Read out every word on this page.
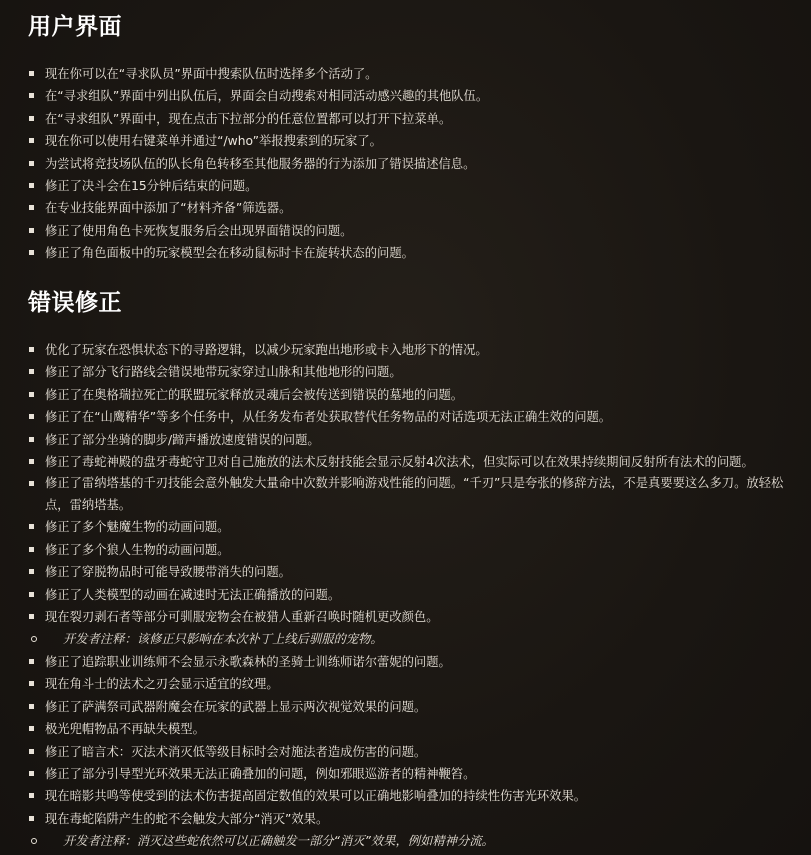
用户界面
现在你可以在“寻求队员”界面中搜索队伍时选择多个活动了。
在“寻求组队”界面中列出队伍后，界面会自动搜索对相同活动感兴趣的其他队伍。
在“寻求组队”界面中，现在点击下拉部分的任意位置都可以打开下拉菜单。
现在你可以使用右键菜单并通过“/who”举报搜索到的玩家了。
为尝试将竞技场队伍的队长角色转移至其他服务器的行为添加了错误描述信息。
修正了决斗会在15分钟后结束的问题。
在专业技能界面中添加了“材料齐备”筛选器。
修正了使用角色卡死恢复服务后会出现界面错误的问题。
修正了角色面板中的玩家模型会在移动鼠标时卡在旋转状态的问题。
错误修正
优化了玩家在恐惧状态下的寻路逻辑，以减少玩家跑出地形或卡入地形下的情况。
修正了部分飞行路线会错误地带玩家穿过山脉和其他地形的问题。
修正了在奥格瑞拉死亡的联盟玩家释放灵魂后会被传送到错误的墓地的问题。
修正了在“山鹰精华”等多个任务中，从任务发布者处获取替代任务物品的对话选项无法正确生效的问题。
修正了部分坐骑的脚步/蹄声播放速度错误的问题。
修正了毒蛇神殿的盘牙毒蛇守卫对自己施放的法术反射技能会显示反射4次法术，但实际可以在效果持续期间反射所有法术的问题。
修正了雷纳塔基的千刃技能会意外触发大量命中次数并影响游戏性能的问题。“千刃”只是夸张的修辞方法，不是真要要这么多刀。放轻松点，雷纳塔基。
修正了多个魅魔生物的动画问题。
修正了多个狼人生物的动画问题。
修正了穿脱物品时可能导致腰带消失的问题。
修正了人类模型的动画在减速时无法正确播放的问题。
现在裂刃剥石者等部分可驯服宠物会在被猎人重新召唤时随机更改颜色。
开发者注释：该修正只影响在本次补丁上线后驯服的宠物。
修正了追踪职业训练师不会显示永歌森林的圣骑士训练师诺尔蕾妮的问题。
现在角斗士的法术之刃会显示适宜的纹理。
修正了萨满祭司武器附魔会在玩家的武器上显示两次视觉效果的问题。
极光兜帽物品不再缺失模型。
修正了暗言术：灭法术消灭低等级目标时会对施法者造成伤害的问题。
修正了部分引导型光环效果无法正确叠加的问题，例如邪眼巡游者的精神鞭笞。
现在暗影共鸣等使受到的法术伤害提高固定数值的效果可以正确地影响叠加的持续性伤害光环效果。
现在毒蛇陷阱产生的蛇不会触发大部分“消灭”效果。
开发者注释：消灭这些蛇依然可以正确触发一部分“消灭”效果，例如精神分流。
